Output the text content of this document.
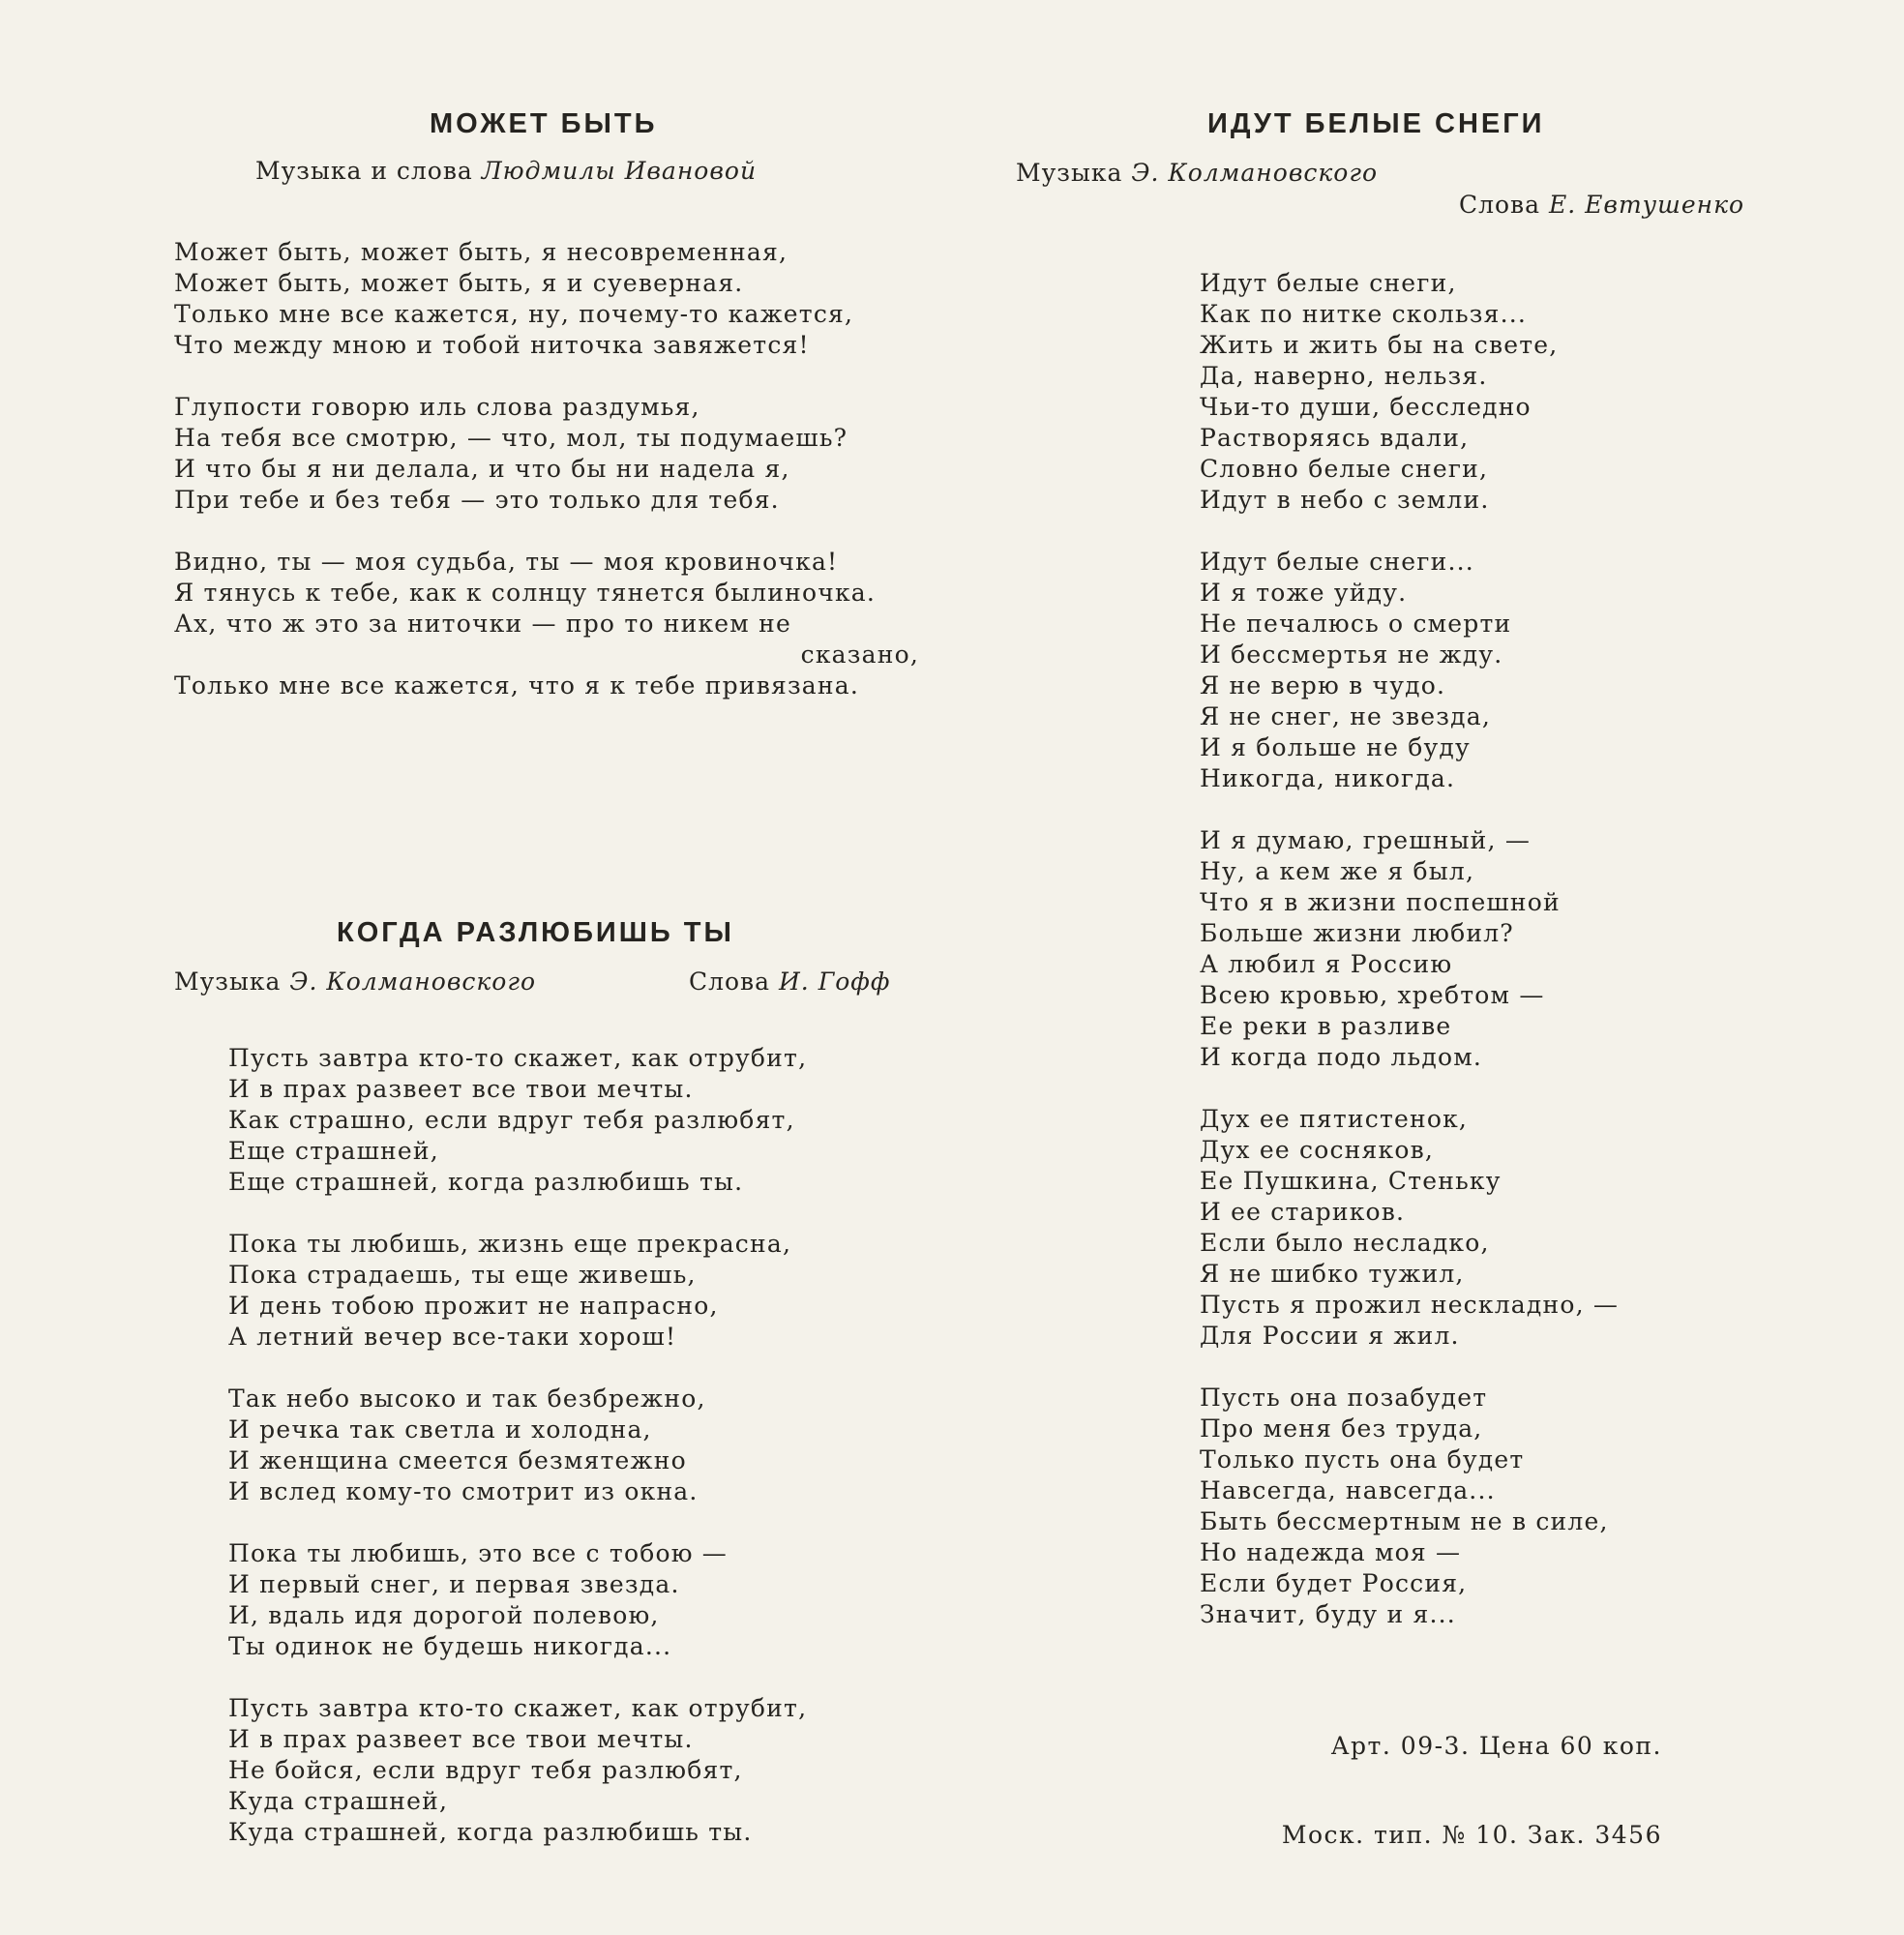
МОЖЕТ БЫТЬ
Музыка и слова Людмилы Ивановой
Может быть, может быть, я несовременная,
Может быть, может быть, я и суеверная.
Только мне все кажется, ну, почему-то кажется,
Что между мною и тобой ниточка завяжется!
Глупости говорю иль слова раздумья,
На тебя все смотрю, — что, мол, ты подумаешь?
И что бы я ни делала, и что бы ни надела я,
При тебе и без тебя — это только для тебя.
Видно, ты — моя судьба, ты — моя кровиночка!
Я тянусь к тебе, как к солнцу тянется былиночка.
Ах, что ж это за ниточки — про то никем не
сказано,
Только мне все кажется, что я к тебе привязана.
КОГДА РАЗЛЮБИШЬ ТЫ
Музыка Э. Колмановского	Слова И. Гофф
Пусть завтра кто-то скажет, как отрубит,
И в прах развеет все твои мечты.
Как страшно, если вдруг тебя разлюбят,
Еще страшней,
Еще страшней, когда разлюбишь ты.
Пока ты любишь, жизнь еще прекрасна,
Пока страдаешь, ты еще живешь,
И день тобою прожит не напрасно,
А летний вечер все-таки хорош!
Так небо высоко и так безбрежно,
И речка так светла и холодна,
И женщина смеется безмятежно
И вслед кому-то смотрит из окна.
Пока ты любишь, это все с тобою —
И первый снег, и первая звезда.
И, вдаль идя дорогой полевою,
Ты одинок не будешь никогда...
Пусть завтра кто-то скажет, как отрубит,
И в прах развеет все твои мечты.
Не бойся, если вдруг тебя разлюбят,
Куда страшней,
Куда страшней, когда разлюбишь ты.
ИДУТ БЕЛЫЕ СНЕГИ
Музыка Э. Колмановского
Слова Е. Евтушенко
Идут белые снеги,
Как по нитке скользя...
Жить и жить бы на свете,
Да, наверно, нельзя.
Чьи-то души, бесследно
Растворяясь вдали,
Словно белые снеги,
Идут в небо с земли.
Идут белые снеги...
И я тоже уйду.
Не печалюсь о смерти
И бессмертья не жду.
Я не верю в чудо.
Я не снег, не звезда,
И я больше не буду
Никогда, никогда.
И я думаю, грешный, —
Ну, а кем же я был,
Что я в жизни поспешной
Больше жизни любил?
А любил я Россию
Всею кровью, хребтом —
Ее реки в разливе
И когда подо льдом.
Дух ее пятистенок,
Дух ее сосняков,
Ее Пушкина, Стеньку
И ее стариков.
Если было несладко,
Я не шибко тужил,
Пусть я прожил нескладно, —
Для России я жил.
Пусть она позабудет
Про меня без труда,
Только пусть она будет
Навсегда, навсегда...
Быть бессмертным не в силе,
Но надежда моя —
Если будет Россия,
Значит, буду и я...
Арт. 09-3. Цена 60 коп.
Моск. тип. № 10. Зак. 3456
